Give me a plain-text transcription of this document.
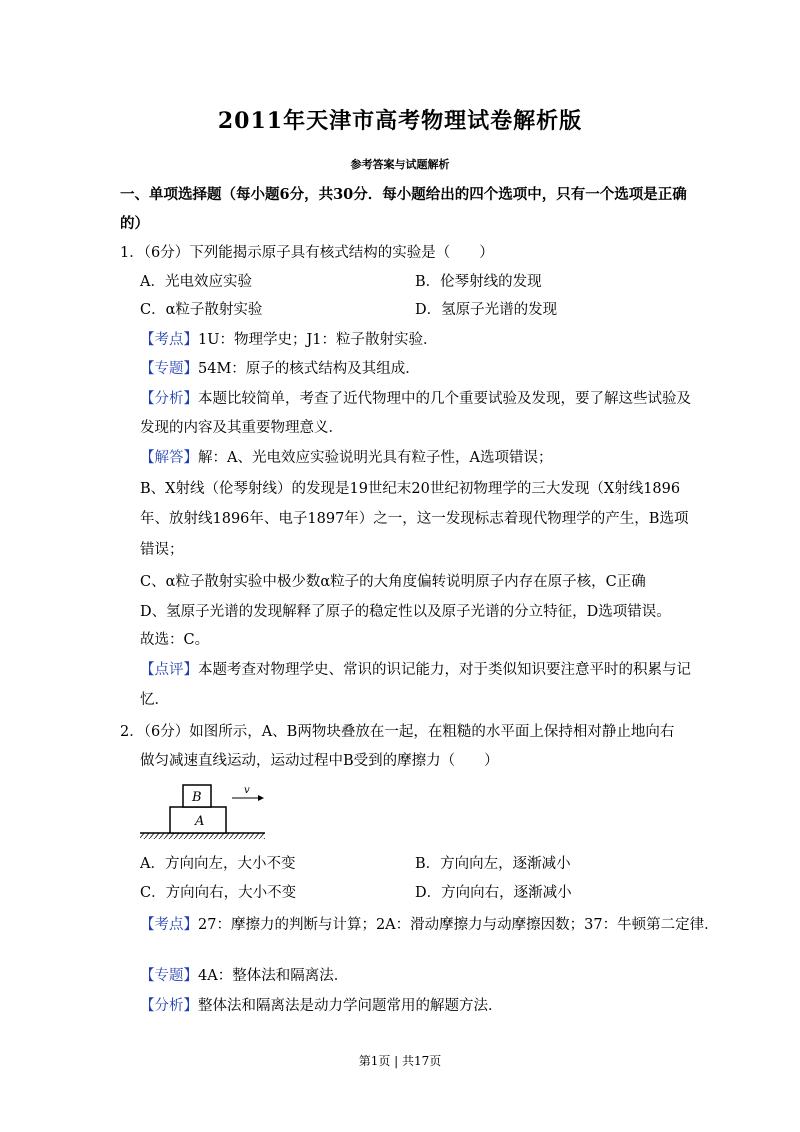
2011年天津市高考物理试卷解析版
参考答案与试题解析
一、单项选择题（每小题6分，共30分．每小题给出的四个选项中，只有一个选项是正确
的）
1．（6分）下列能揭示原子具有核式结构的实验是（　　）
A．光电效应实验	B．伦琴射线的发现
C．α粒子散射实验	D．氢原子光谱的发现
【考点】1U：物理学史；J1：粒子散射实验．
【专题】54M：原子的核式结构及其组成．
【分析】本题比较简单，考查了近代物理中的几个重要试验及发现，要了解这些试验及
发现的内容及其重要物理意义．
【解答】解：A、光电效应实验说明光具有粒子性，A选项错误；
B、X射线（伦琴射线）的发现是19世纪末20世纪初物理学的三大发现（X射线1896
年、放射线1896年、电子1897年）之一，这一发现标志着现代物理学的产生，B选项
错误；
C、α粒子散射实验中极少数α粒子的大角度偏转说明原子内存在原子核，C正确
D、氢原子光谱的发现解释了原子的稳定性以及原子光谱的分立特征，D选项错误。
故选：C。
【点评】本题考查对物理学史、常识的识记能力，对于类似知识要注意平时的积累与记
忆．
2．（6分）如图所示，A、B两物块叠放在一起，在粗糙的水平面上保持相对静止地向右
做匀减速直线运动，运动过程中B受到的摩擦力（　　）
A
B	v
A．方向向左，大小不变	B．方向向左，逐渐减小
C．方向向右，大小不变	D．方向向右，逐渐减小
【考点】27：摩擦力的判断与计算；2A：滑动摩擦力与动摩擦因数；37：牛顿第二定律．
【专题】4A：整体法和隔离法．
【分析】整体法和隔离法是动力学问题常用的解题方法．
第1页 | 共17页
